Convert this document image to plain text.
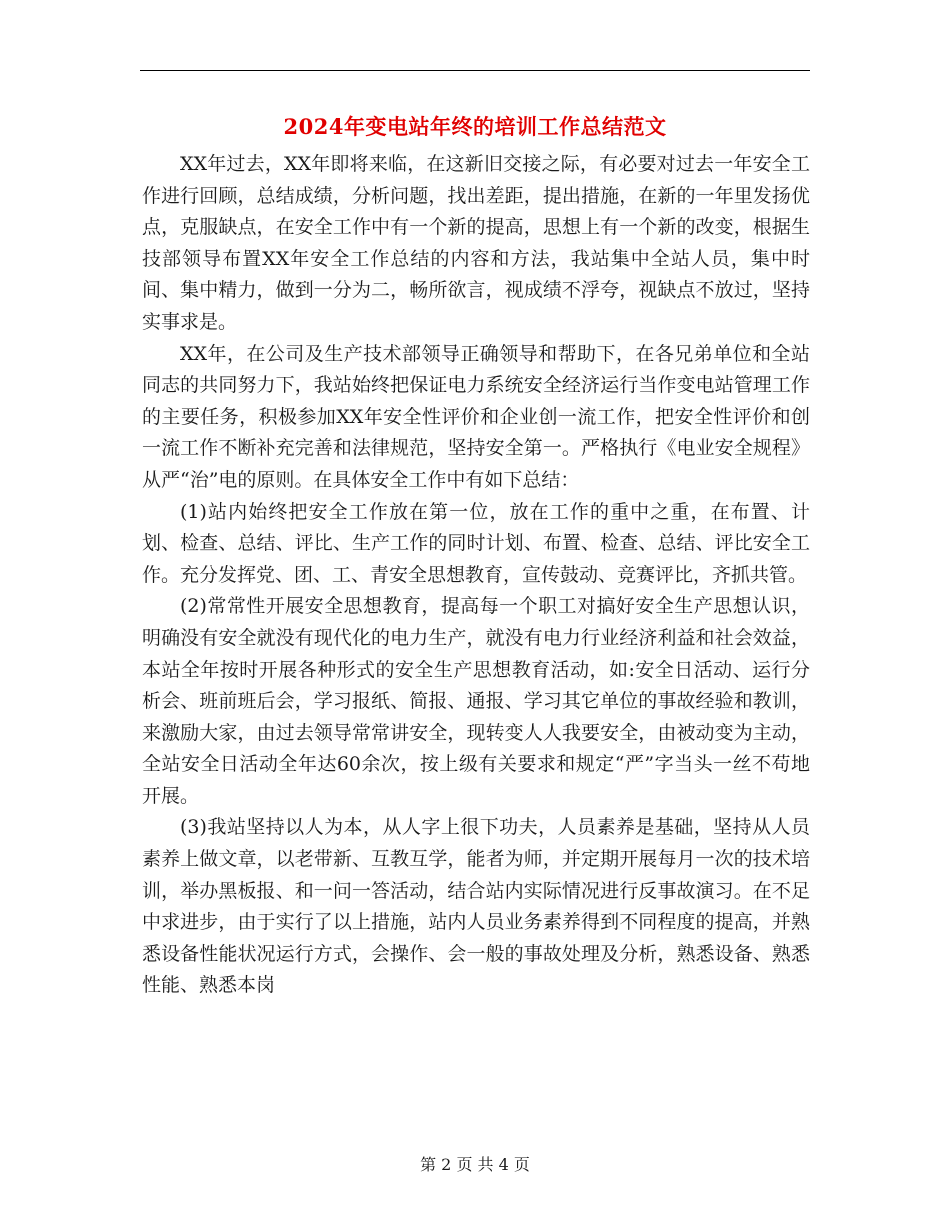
2024年变电站年终的培训工作总结范文

XX年过去，XX年即将来临，在这新旧交接之际，有必要对过去一年安全工作进行回顾，总结成绩，分析问题，找出差距，提出措施，在新的一年里发扬优点，克服缺点，在安全工作中有一个新的提高，思想上有一个新的改变，根据生技部领导布置XX年安全工作总结的内容和方法，我站集中全站人员，集中时间、集中精力，做到一分为二，畅所欲言，视成绩不浮夸，视缺点不放过，坚持实事求是。

XX年，在公司及生产技术部领导正确领导和帮助下，在各兄弟单位和全站同志的共同努力下，我站始终把保证电力系统安全经济运行当作变电站管理工作的主要任务，积极参加XX年安全性评价和企业创一流工作，把安全性评价和创一流工作不断补充完善和法律规范，坚持安全第一。严格执行《电业安全规程》从严“治”电的原则。在具体安全工作中有如下总结：

(1)站内始终把安全工作放在第一位，放在工作的重中之重，在布置、计划、检查、总结、评比、生产工作的同时计划、布置、检查、总结、评比安全工作。充分发挥党、团、工、青安全思想教育，宣传鼓动、竞赛评比，齐抓共管。

(2)常常性开展安全思想教育，提高每一个职工对搞好安全生产思想认识，明确没有安全就没有现代化的电力生产，就没有电力行业经济利益和社会效益，本站全年按时开展各种形式的安全生产思想教育活动，如:安全日活动、运行分析会、班前班后会，学习报纸、简报、通报、学习其它单位的事故经验和教训，来激励大家，由过去领导常常讲安全，现转变人人我要安全，由被动变为主动，全站安全日活动全年达60余次，按上级有关要求和规定“严”字当头一丝不苟地开展。

(3)我站坚持以人为本，从人字上很下功夫，人员素养是基础，坚持从人员素养上做文章，以老带新、互教互学，能者为师，并定期开展每月一次的技术培训，举办黑板报、和一问一答活动，结合站内实际情况进行反事故演习。在不足中求进步，由于实行了以上措施，站内人员业务素养得到不同程度的提高，并熟悉设备性能状况运行方式，会操作、会一般的事故处理及分析，熟悉设备、熟悉性能、熟悉本岗

第 2 页 共 4 页
